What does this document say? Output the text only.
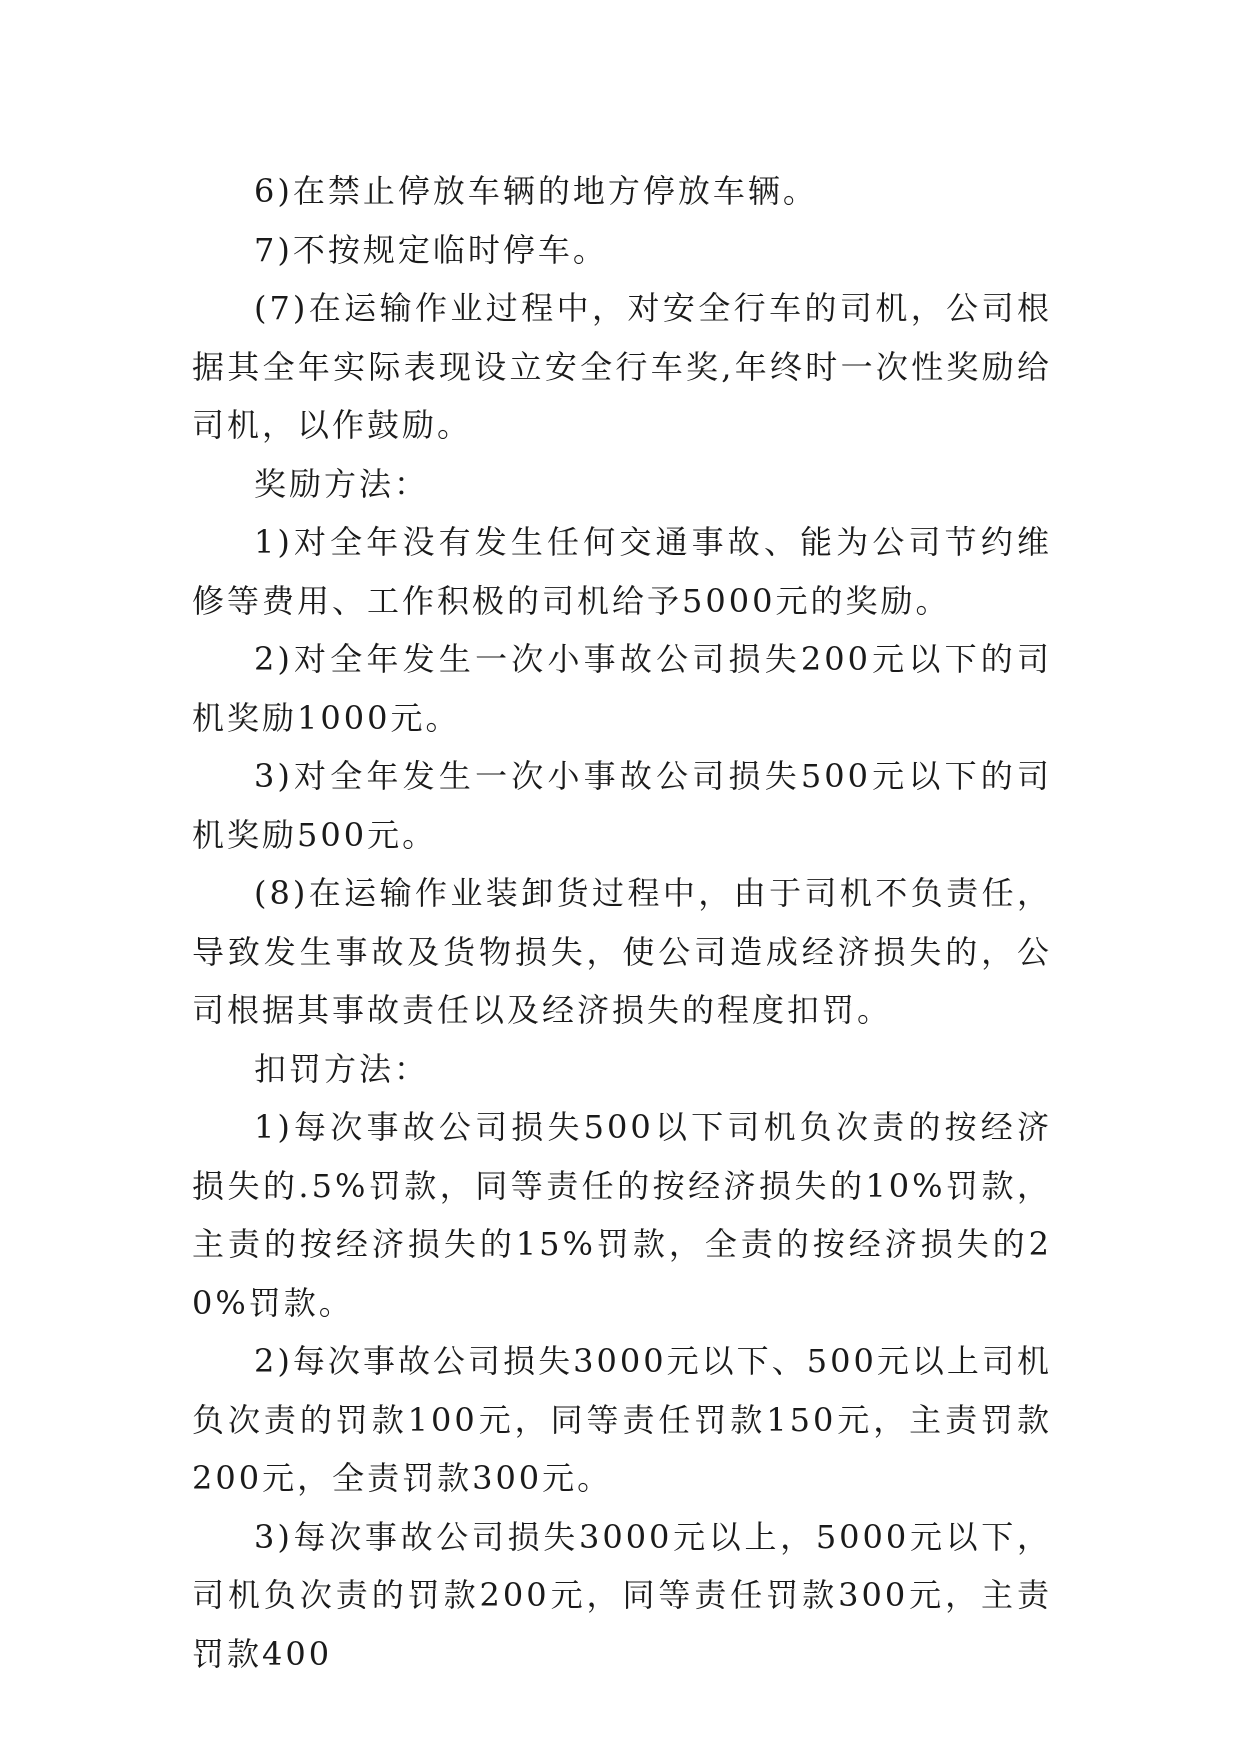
6)在禁止停放车辆的地方停放车辆。

7)不按规定临时停车。

(7)在运输作业过程中，对安全行车的司机，公司根据其全年实际表现设立安全行车奖,年终时一次性奖励给司机，以作鼓励。

奖励方法：

1)对全年没有发生任何交通事故、能为公司节约维修等费用、工作积极的司机给予5000元的奖励。

2)对全年发生一次小事故公司损失200元以下的司机奖励1000元。

3)对全年发生一次小事故公司损失500元以下的司机奖励500元。

(8)在运输作业装卸货过程中，由于司机不负责任，导致发生事故及货物损失，使公司造成经济损失的，公司根据其事故责任以及经济损失的程度扣罚。

扣罚方法：

1)每次事故公司损失500以下司机负次责的按经济损失的.5%罚款，同等责任的按经济损失的10%罚款，主责的按经济损失的15%罚款，全责的按经济损失的20%罚款。

2)每次事故公司损失3000元以下、500元以上司机负次责的罚款100元，同等责任罚款150元，主责罚款200元，全责罚款300元。

3)每次事故公司损失3000元以上，5000元以下，司机负次责的罚款200元，同等责任罚款300元，主责罚款400
